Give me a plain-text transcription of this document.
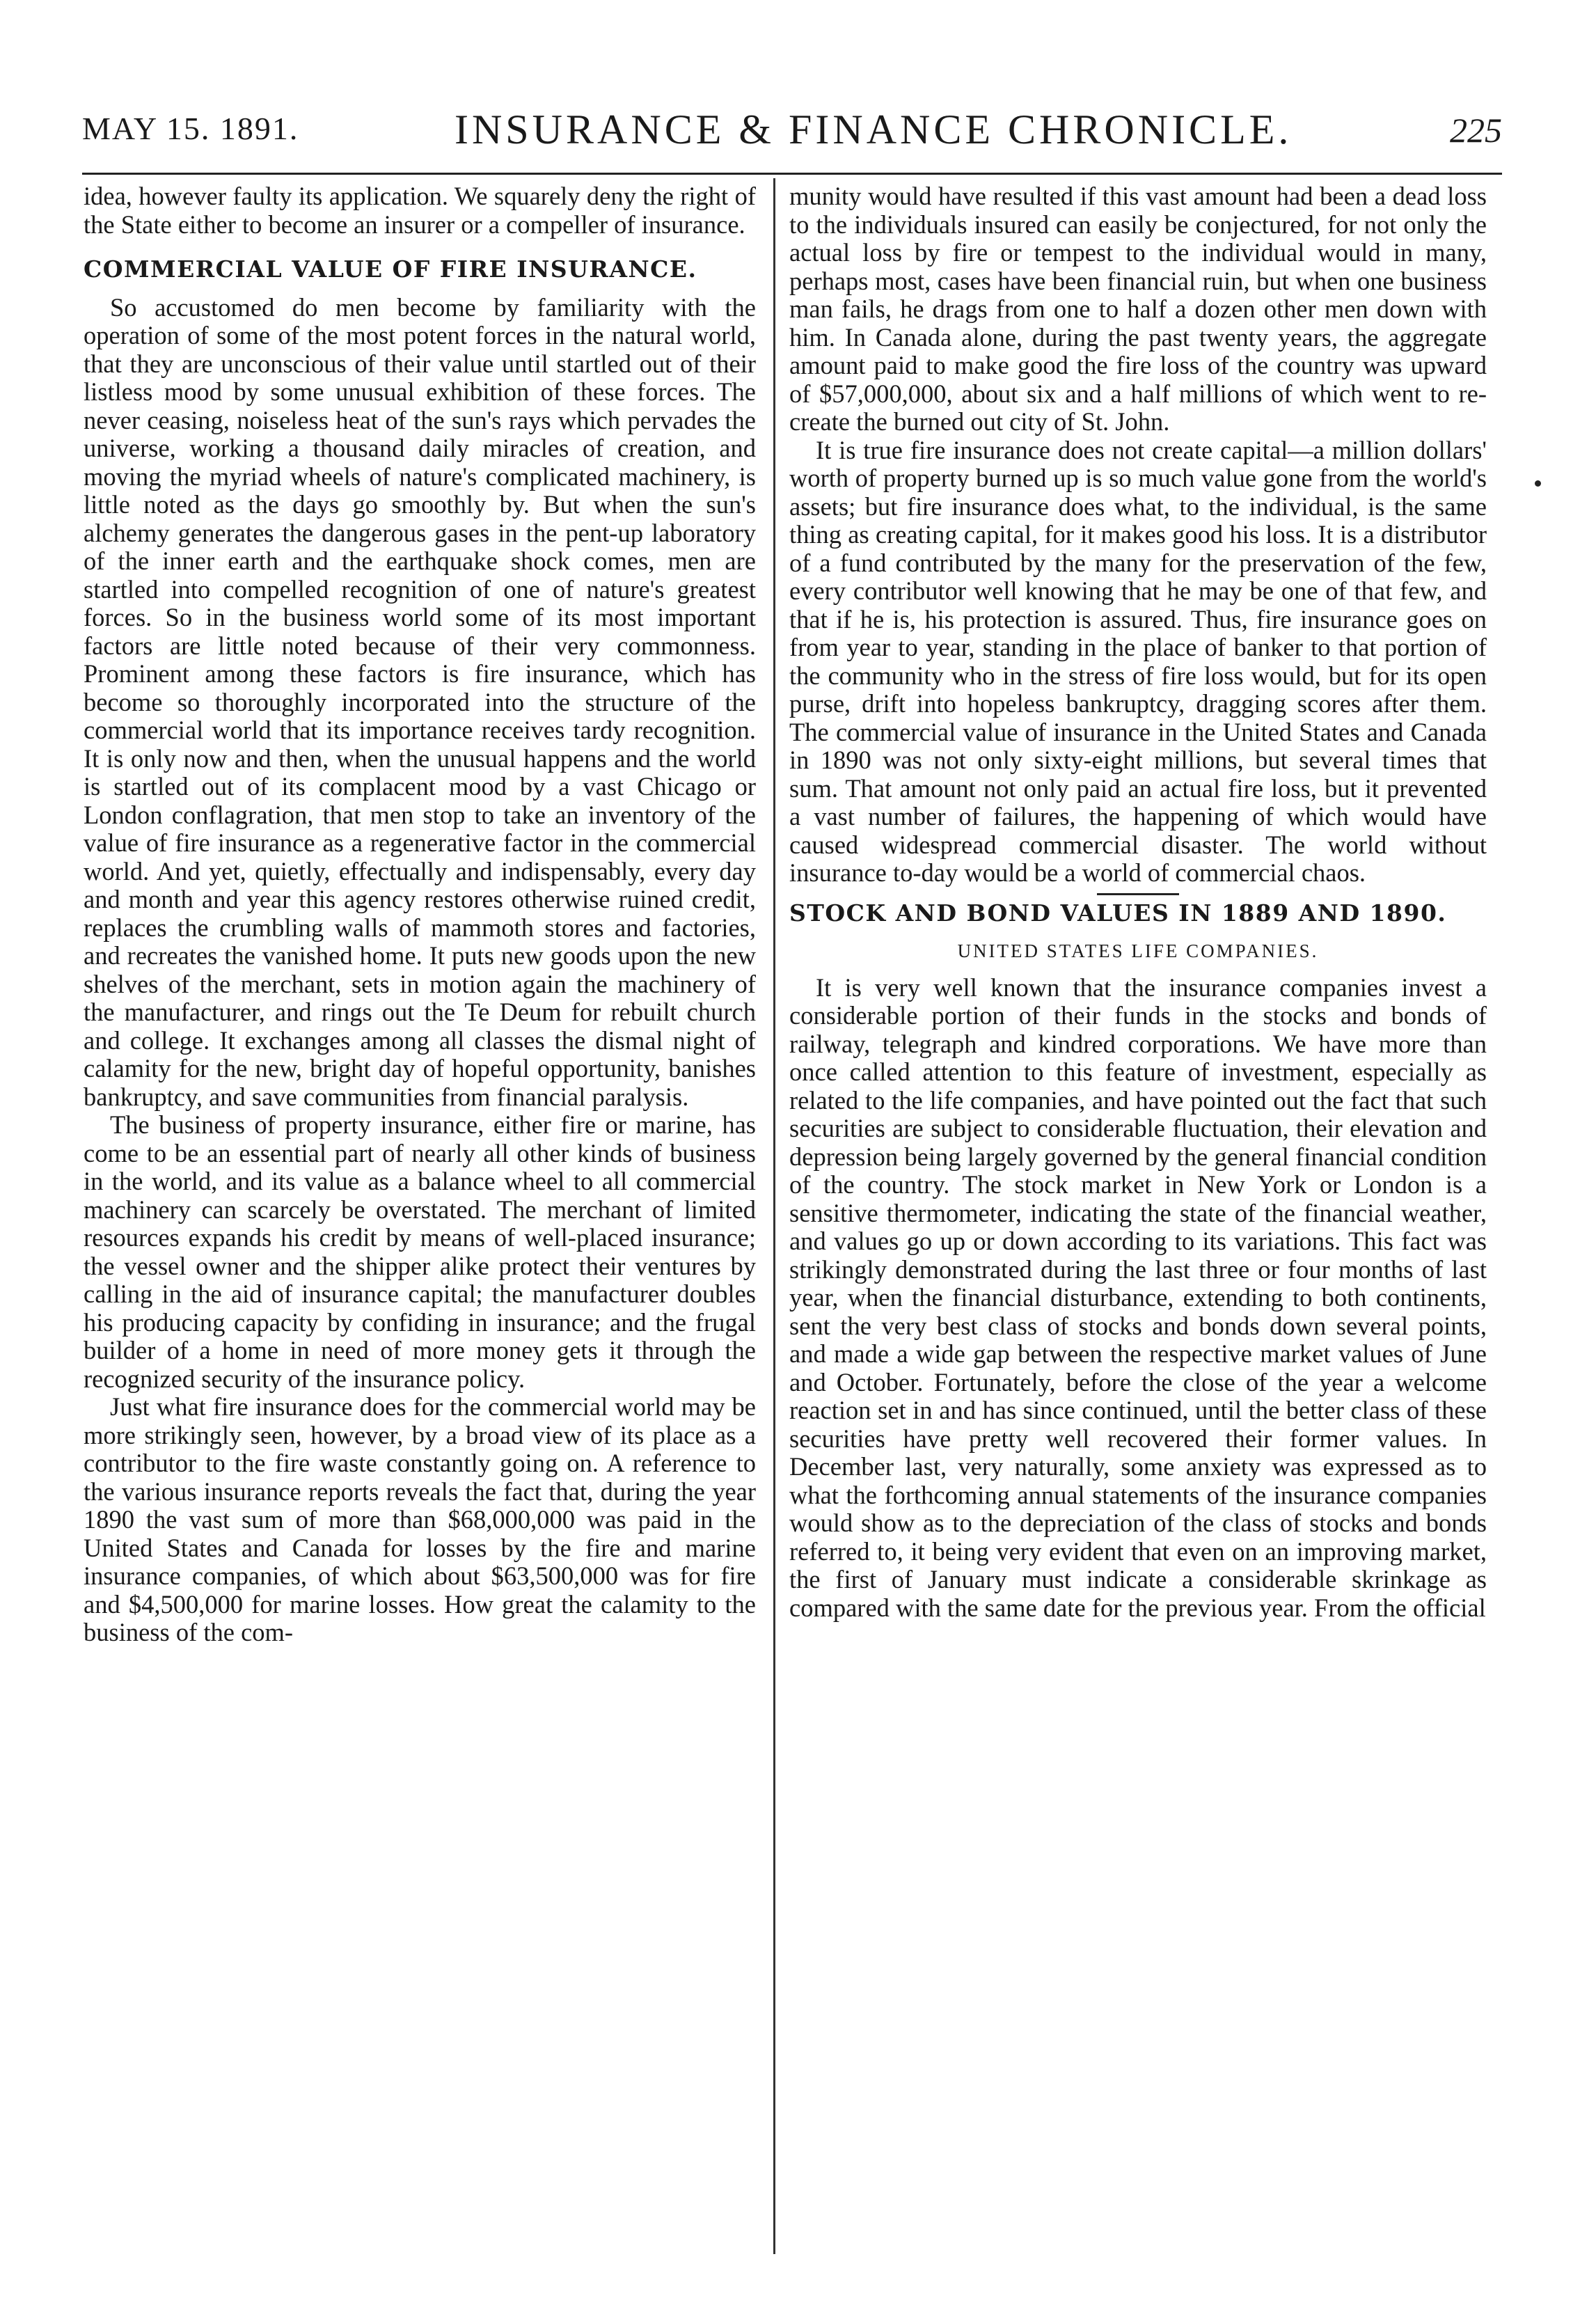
MAY 15. 1891.	INSURANCE & FINANCE CHRONICLE.	225

idea, however faulty its application. We squarely deny the right of the State either to become an insurer or a compeller of insurance.

COMMERCIAL VALUE OF FIRE INSURANCE.

So accustomed do men become by familiarity with the operation of some of the most potent forces in the natural world, that they are unconscious of their value until startled out of their listless mood by some unusual exhibition of these forces. The never ceasing, noiseless heat of the sun's rays which pervades the universe, working a thousand daily miracles of creation, and moving the myriad wheels of nature's complicated machinery, is little noted as the days go smoothly by. But when the sun's alchemy generates the dangerous gases in the pent-up laboratory of the inner earth and the earthquake shock comes, men are startled into compelled recognition of one of nature's greatest forces. So in the business world some of its most important factors are little noted because of their very commonness. Prominent among these factors is fire insurance, which has become so thoroughly incorporated into the structure of the commercial world that its importance receives tardy recognition. It is only now and then, when the unusual happens and the world is startled out of its complacent mood by a vast Chicago or London conflagration, that men stop to take an inventory of the value of fire insurance as a regenerative factor in the commercial world. And yet, quietly, effectually and indispensably, every day and month and year this agency restores otherwise ruined credit, replaces the crumbling walls of mammoth stores and factories, and recreates the vanished home. It puts new goods upon the new shelves of the merchant, sets in motion again the machinery of the manufacturer, and rings out the Te Deum for rebuilt church and college. It exchanges among all classes the dismal night of calamity for the new, bright day of hopeful opportunity, banishes bankruptcy, and save communities from financial paralysis.

The business of property insurance, either fire or marine, has come to be an essential part of nearly all other kinds of business in the world, and its value as a balance wheel to all commercial machinery can scarcely be overstated. The merchant of limited resources expands his credit by means of well-placed insurance; the vessel owner and the shipper alike protect their ventures by calling in the aid of insurance capital; the manufacturer doubles his producing capacity by confiding in insurance; and the frugal builder of a home in need of more money gets it through the recognized security of the insurance policy.

Just what fire insurance does for the commercial world may be more strikingly seen, however, by a broad view of its place as a contributor to the fire waste constantly going on. A reference to the various insurance reports reveals the fact that, during the year 1890 the vast sum of more than $68,000,000 was paid in the United States and Canada for losses by the fire and marine insurance companies, of which about $63,500,000 was for fire and $4,500,000 for marine losses. How great the calamity to the business of the com-

munity would have resulted if this vast amount had been a dead loss to the individuals insured can easily be conjectured, for not only the actual loss by fire or tempest to the individual would in many, perhaps most, cases have been financial ruin, but when one business man fails, he drags from one to half a dozen other men down with him. In Canada alone, during the past twenty years, the aggregate amount paid to make good the fire loss of the country was upward of $57,000,000, about six and a half millions of which went to re-create the burned out city of St. John.

It is true fire insurance does not create capital—a million dollars' worth of property burned up is so much value gone from the world's assets; but fire insurance does what, to the individual, is the same thing as creating capital, for it makes good his loss. It is a distributor of a fund contributed by the many for the preservation of the few, every contributor well knowing that he may be one of that few, and that if he is, his protection is assured. Thus, fire insurance goes on from year to year, standing in the place of banker to that portion of the community who in the stress of fire loss would, but for its open purse, drift into hopeless bankruptcy, dragging scores after them. The commercial value of insurance in the United States and Canada in 1890 was not only sixty-eight millions, but several times that sum. That amount not only paid an actual fire loss, but it prevented a vast number of failures, the happening of which would have caused widespread commercial disaster. The world without insurance to-day would be a world of commercial chaos.

STOCK AND BOND VALUES IN 1889 AND 1890.
UNITED STATES LIFE COMPANIES.

It is very well known that the insurance companies invest a considerable portion of their funds in the stocks and bonds of railway, telegraph and kindred corporations. We have more than once called attention to this feature of investment, especially as related to the life companies, and have pointed out the fact that such securities are subject to considerable fluctuation, their elevation and depression being largely governed by the general financial condition of the country. The stock market in New York or London is a sensitive thermometer, indicating the state of the financial weather, and values go up or down according to its variations. This fact was strikingly demonstrated during the last three or four months of last year, when the financial disturbance, extending to both continents, sent the very best class of stocks and bonds down several points, and made a wide gap between the respective market values of June and October. Fortunately, before the close of the year a welcome reaction set in and has since continued, until the better class of these securities have pretty well recovered their former values. In December last, very naturally, some anxiety was expressed as to what the forthcoming annual statements of the insurance companies would show as to the depreciation of the class of stocks and bonds referred to, it being very evident that even on an improving market, the first of January must indicate a considerable skrinkage as compared with the same date for the previous year. From the official
